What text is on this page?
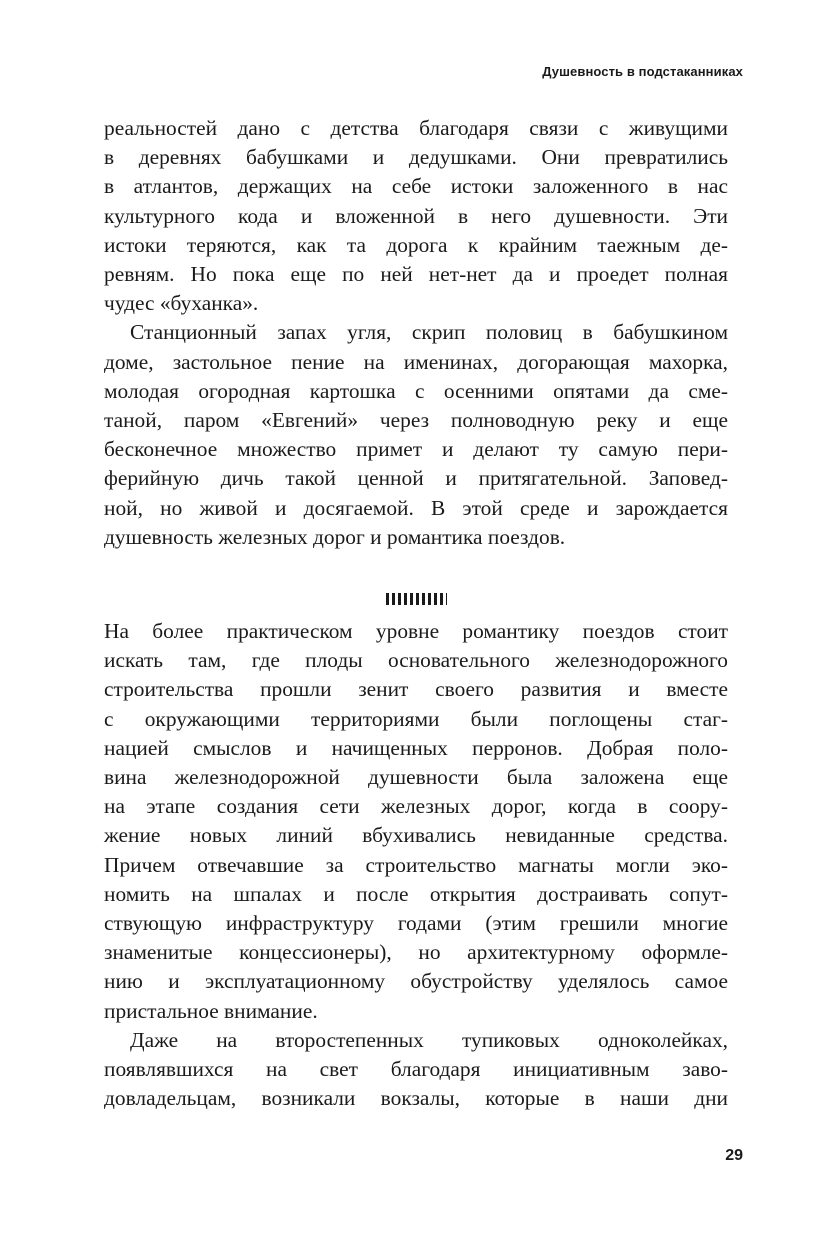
Душевность в подстаканниках
реальностей дано с детства благодаря связи с живущими
в деревнях бабушками и дедушками. Они превратились
в атлантов, держащих на себе истоки заложенного в нас
культурного кода и вложенной в него душевности. Эти
истоки теряются, как та дорога к крайним таежным де-
ревням. Но пока еще по ней нет-нет да и проедет полная
чудес «буханка».
Станционный запах угля, скрип половиц в бабушкином
доме, застольное пение на именинах, догорающая махорка,
молодая огородная картошка с осенними опятами да сме-
таной, паром «Евгений» через полноводную реку и еще
бесконечное множество примет и делают ту самую пери-
ферийную дичь такой ценной и притягательной. Заповед-
ной, но живой и досягаемой. В этой среде и зарождается
душевность железных дорог и романтика поездов.
На более практическом уровне романтику поездов стоит
искать там, где плоды основательного железнодорожного
строительства прошли зенит своего развития и вместе
с окружающими территориями были поглощены стаг-
нацией смыслов и начищенных перронов. Добрая поло-
вина железнодорожной душевности была заложена еще
на этапе создания сети железных дорог, когда в соору-
жение новых линий вбухивались невиданные средства.
Причем отвечавшие за строительство магнаты могли эко-
номить на шпалах и после открытия достраивать сопут-
ствующую инфраструктуру годами (этим грешили многие
знаменитые концессионеры), но архитектурному оформле-
нию и эксплуатационному обустройству уделялось самое
пристальное внимание.
Даже на второстепенных тупиковых одноколейках,
появлявшихся на свет благодаря инициативным заво-
довладельцам, возникали вокзалы, которые в наши дни
29
